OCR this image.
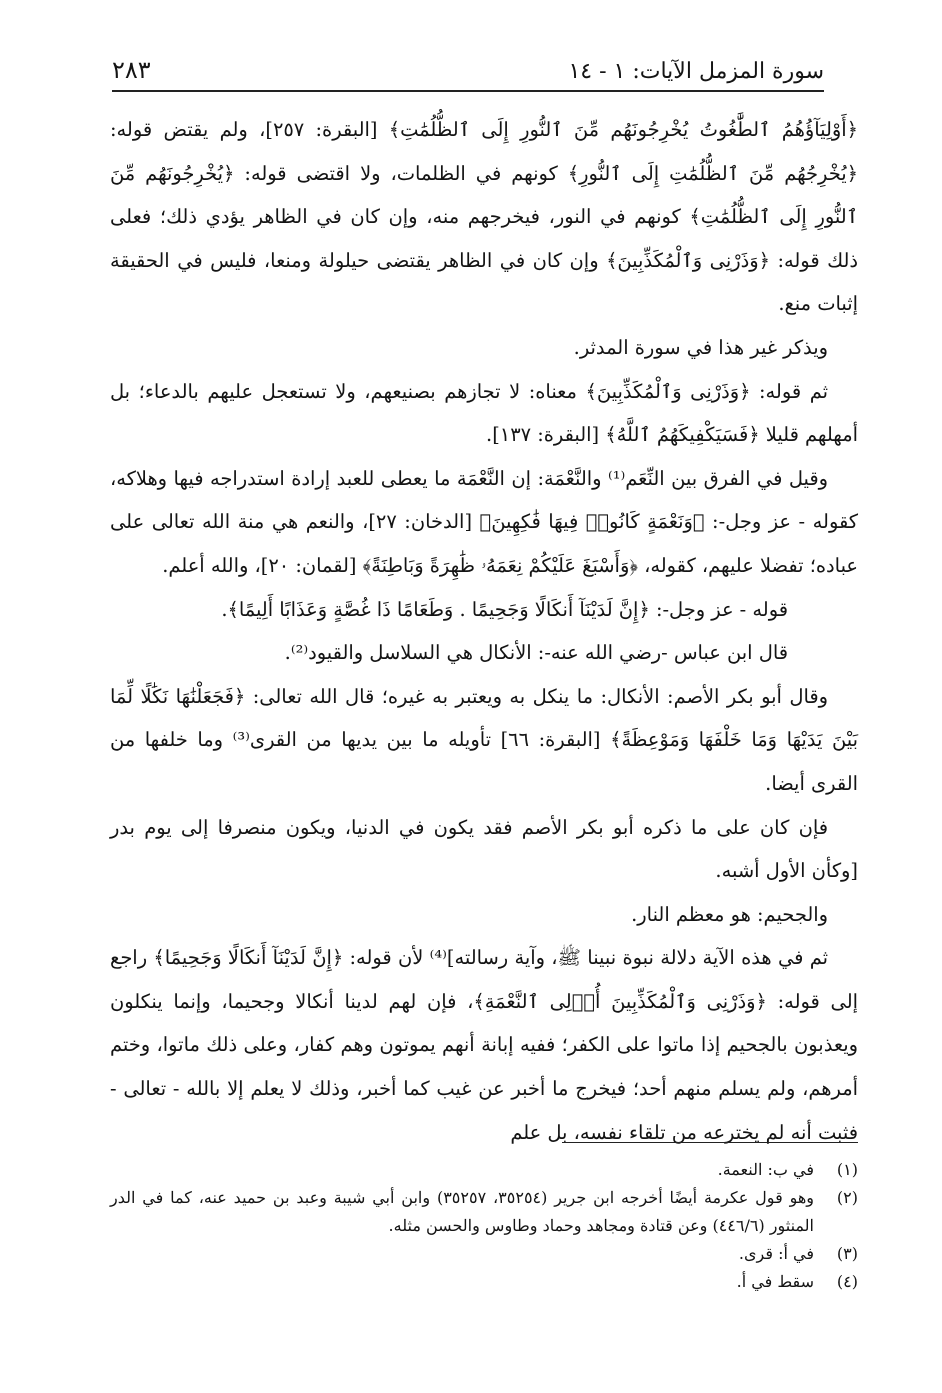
سورة المزمل الآيات: ١ - ١٤
٢٨٣

﴿أَوْلِيَآؤُهُمُ ٱلطَّٰغُوتُ يُخْرِجُونَهُم مِّنَ ٱلنُّورِ إِلَى ٱلظُّلُمَٰتِ﴾ [البقرة: ٢٥٧]، ولم يقتض قوله: ﴿يُخْرِجُهُم مِّنَ ٱلظُّلُمَٰتِ إِلَى ٱلنُّورِ﴾ كونهم في الظلمات، ولا اقتضى قوله: ﴿يُخْرِجُونَهُم مِّنَ ٱلنُّورِ إِلَى ٱلظُّلُمَٰتِ﴾ كونهم في النور، فيخرجهم منه، وإن كان في الظاهر يؤدي ذلك؛ فعلى ذلك قوله: ﴿وَذَرْنِى وَٱلْمُكَذِّبِينَ﴾ وإن كان في الظاهر يقتضى حيلولة ومنعا، فليس في الحقيقة إثبات منع.

ويذكر غير هذا في سورة المدثر.

ثم قوله: ﴿وَذَرْنِى وَٱلْمُكَذِّبِينَ﴾ معناه: لا تجازهم بصنيعهم، ولا تستعجل عليهم بالدعاء؛ بل أمهلهم قليلا ﴿فَسَيَكْفِيكَهُمُ ٱللَّهُ﴾ [البقرة: ١٣٧].

وقيل في الفرق بين النِّعَم⁽¹⁾ والنَّعْمَة: إن النَّعْمَة ما يعطى للعبد إرادة استدراجه فيها وهلاكه، كقوله - عز وجل-: ﴿وَنَعْمَةٍ كَانُوا۟ فِيهَا فَٰكِهِينَ﴾ [الدخان: ٢٧]، والنعم هي منة الله تعالى على عباده؛ تفضلا عليهم، كقوله، ﴿وَأَسْبَغَ عَلَيْكُمْ نِعَمَهُۥ ظَٰهِرَةً وَبَاطِنَةً﴾ [لقمان: ٢٠]، والله أعلم.

قوله - عز وجل-: ﴿إِنَّ لَدَيْنَآ أَنكَالًا وَجَحِيمًا . وَطَعَامًا ذَا غُصَّةٍ وَعَذَابًا أَلِيمًا﴾.

قال ابن عباس -رضي الله عنه-: الأنكال هي السلاسل والقيود⁽²⁾.

وقال أبو بكر الأصم: الأنكال: ما ينكل به ويعتبر به غيره؛ قال الله تعالى: ﴿فَجَعَلْنَٰهَا نَكَٰلًا لِّمَا بَيْنَ يَدَيْهَا وَمَا خَلْفَهَا وَمَوْعِظَةً﴾ [البقرة: ٦٦] تأويله ما بين يديها من القرى⁽³⁾ وما خلفها من القرى أيضا.

فإن كان على ما ذكره أبو بكر الأصم فقد يكون في الدنيا، ويكون منصرفا إلى يوم بدر [وكأن الأول أشبه.

والجحيم: هو معظم النار.

ثم في هذه الآية دلالة نبوة نبينا ﷺ، وآية رسالته]⁽⁴⁾ لأن قوله: ﴿إِنَّ لَدَيْنَآ أَنكَالًا وَجَحِيمًا﴾ راجع إلى قوله: ﴿وَذَرْنِى وَٱلْمُكَذِّبِينَ أُو۟لِى ٱلنَّعْمَةِ﴾، فإن لهم لدينا أنكالا وجحيما، وإنما ينكلون ويعذبون بالجحيم إذا ماتوا على الكفر؛ ففيه إبانة أنهم يموتون وهم كفار، وعلى ذلك ماتوا، وختم أمرهم، ولم يسلم منهم أحد؛ فيخرج ما أخبر عن غيب كما أخبر، وذلك لا يعلم إلا بالله - تعالى - فثبت أنه لم يخترعه من تلقاء نفسه، بل علم

(١)
في ب: النعمة.
(٢)
وهو قول عكرمة أيضًا أخرجه ابن جرير (٣٥٢٥٤، ٣٥٢٥٧) وابن أبي شيبة وعبد بن حميد عنه، كما في الدر المنثور (٤٤٦/٦) وعن قتادة ومجاهد وحماد وطاوس والحسن مثله.
(٣)
في أ: قرى.
(٤)
سقط في أ.
